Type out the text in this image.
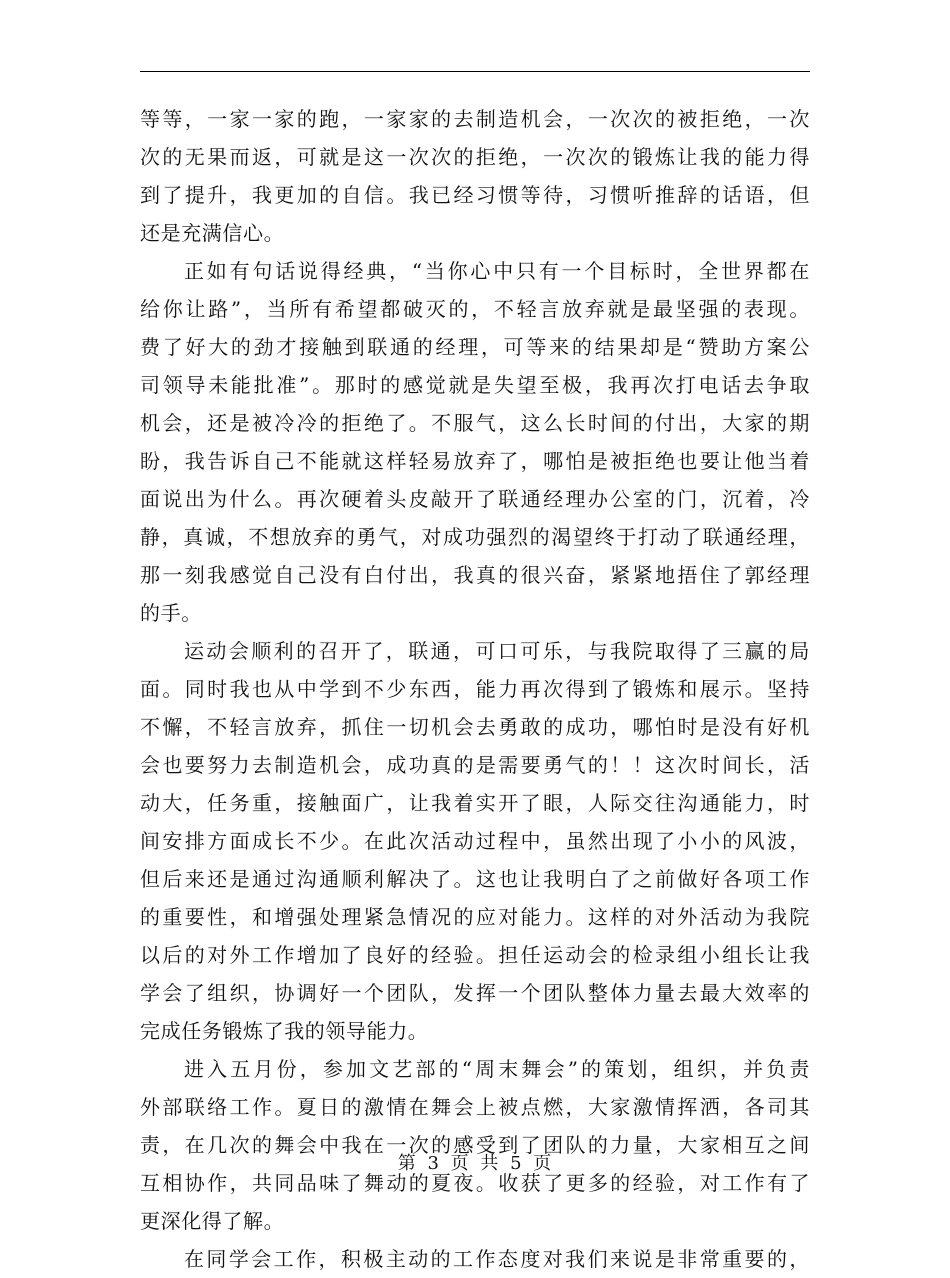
等等，一家一家的跑，一家家的去制造机会，一次次的被拒绝，一次
次的无果而返，可就是这一次次的拒绝，一次次的锻炼让我的能力得
到了提升，我更加的自信。我已经习惯等待，习惯听推辞的话语，但
还是充满信心。
正如有句话说得经典，“当你心中只有一个目标时，全世界都在
给你让路”，当所有希望都破灭的，不轻言放弃就是最坚强的表现。
费了好大的劲才接触到联通的经理，可等来的结果却是“赞助方案公
司领导未能批准”。那时的感觉就是失望至极，我再次打电话去争取
机会，还是被冷冷的拒绝了。不服气，这么长时间的付出，大家的期
盼，我告诉自己不能就这样轻易放弃了，哪怕是被拒绝也要让他当着
面说出为什么。再次硬着头皮敲开了联通经理办公室的门，沉着，冷
静，真诚，不想放弃的勇气，对成功强烈的渴望终于打动了联通经理，
那一刻我感觉自己没有白付出，我真的很兴奋，紧紧地捂住了郭经理
的手。
运动会顺利的召开了，联通，可口可乐，与我院取得了三赢的局
面。同时我也从中学到不少东西，能力再次得到了锻炼和展示。坚持
不懈，不轻言放弃，抓住一切机会去勇敢的成功，哪怕时是没有好机
会也要努力去制造机会，成功真的是需要勇气的！！这次时间长，活
动大，任务重，接触面广，让我着实开了眼，人际交往沟通能力，时
间安排方面成长不少。在此次活动过程中，虽然出现了小小的风波，
但后来还是通过沟通顺利解决了。这也让我明白了之前做好各项工作
的重要性，和增强处理紧急情况的应对能力。这样的对外活动为我院
以后的对外工作增加了良好的经验。担任运动会的检录组小组长让我
学会了组织，协调好一个团队，发挥一个团队整体力量去最大效率的
完成任务锻炼了我的领导能力。
进入五月份，参加文艺部的“周末舞会”的策划，组织，并负责
外部联络工作。夏日的激情在舞会上被点燃，大家激情挥洒，各司其
责，在几次的舞会中我在一次的感受到了团队的力量，大家相互之间
互相协作，共同品味了舞动的夏夜。收获了更多的经验，对工作有了
更深化得了解。
在同学会工作，积极主动的工作态度对我们来说是非常重要的，
第 3 页 共 5 页
